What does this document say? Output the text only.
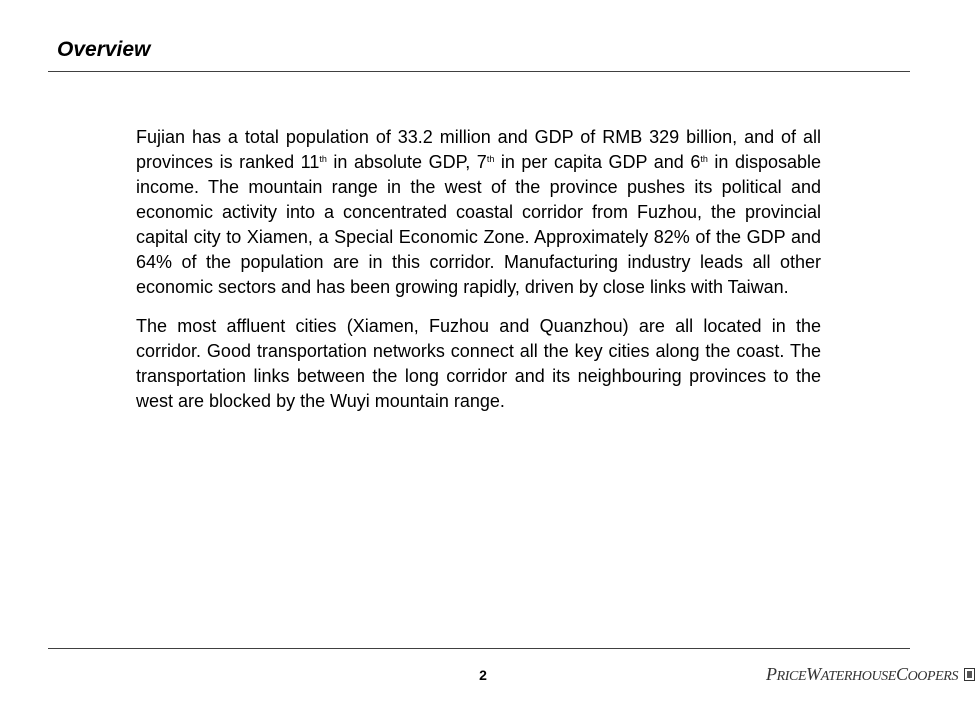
Overview

Fujian has a total population of 33.2 million and GDP of RMB 329 billion, and of all provinces is ranked 11th in absolute GDP, 7th in per capita GDP and 6th in disposable income. The mountain range in the west of the province pushes its political and economic activity into a concentrated coastal corridor from Fuzhou, the provincial capital city to Xiamen, a Special Economic Zone. Approximately 82% of the GDP and 64% of the population are in this corridor. Manufacturing industry leads all other economic sectors and has been growing rapidly, driven by close links with Taiwan.

The most affluent cities (Xiamen, Fuzhou and Quanzhou) are all located in the corridor. Good transportation networks connect all the key cities along the coast. The transportation links between the long corridor and its neighbouring provinces to the west are blocked by the Wuyi mountain range.

2	PRICEWATERHOUSECOOPERS
